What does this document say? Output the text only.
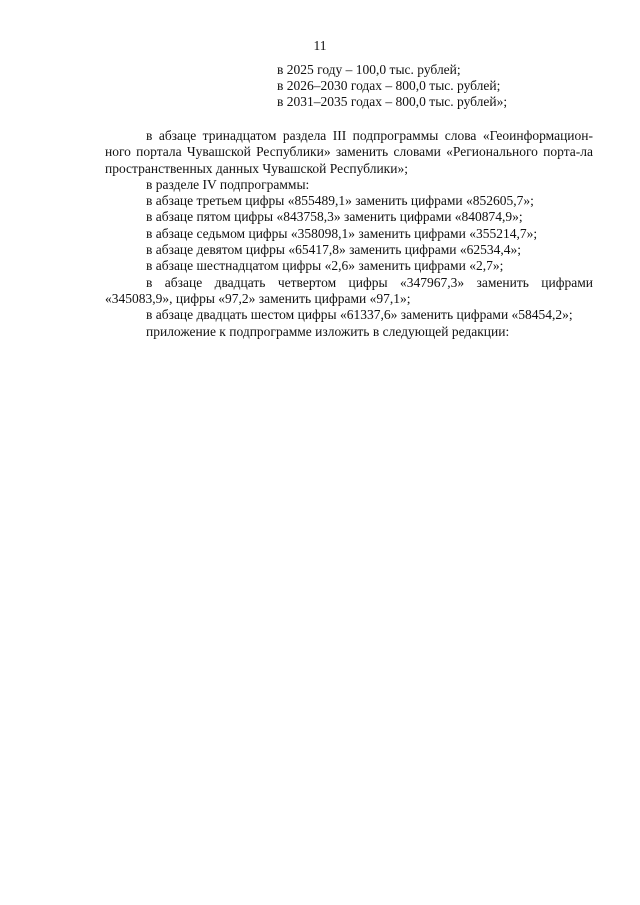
11
в 2025 году – 100,0 тыс. рублей;
в 2026–2030 годах – 800,0 тыс. рублей;
в 2031–2035 годах – 800,0 тыс. рублей»;

в абзаце тринадцатом раздела III подпрограммы слова «Геоинформацион-ного портала Чувашской Республики» заменить словами «Регионального порта-ла пространственных данных Чувашской Республики»;

в разделе IV подпрограммы:

в абзаце третьем цифры «855489,1» заменить цифрами «852605,7»;

в абзаце пятом цифры «843758,3» заменить цифрами «840874,9»;

в абзаце седьмом цифры «358098,1» заменить цифрами «355214,7»;

в абзаце девятом цифры «65417,8» заменить цифрами «62534,4»;

в абзаце шестнадцатом цифры «2,6» заменить цифрами «2,7»;

в абзаце двадцать четвертом цифры «347967,3» заменить цифрами «345083,9», цифры «97,2» заменить цифрами «97,1»;

в абзаце двадцать шестом цифры «61337,6» заменить цифрами «58454,2»;

приложение к подпрограмме изложить в следующей редакции:
